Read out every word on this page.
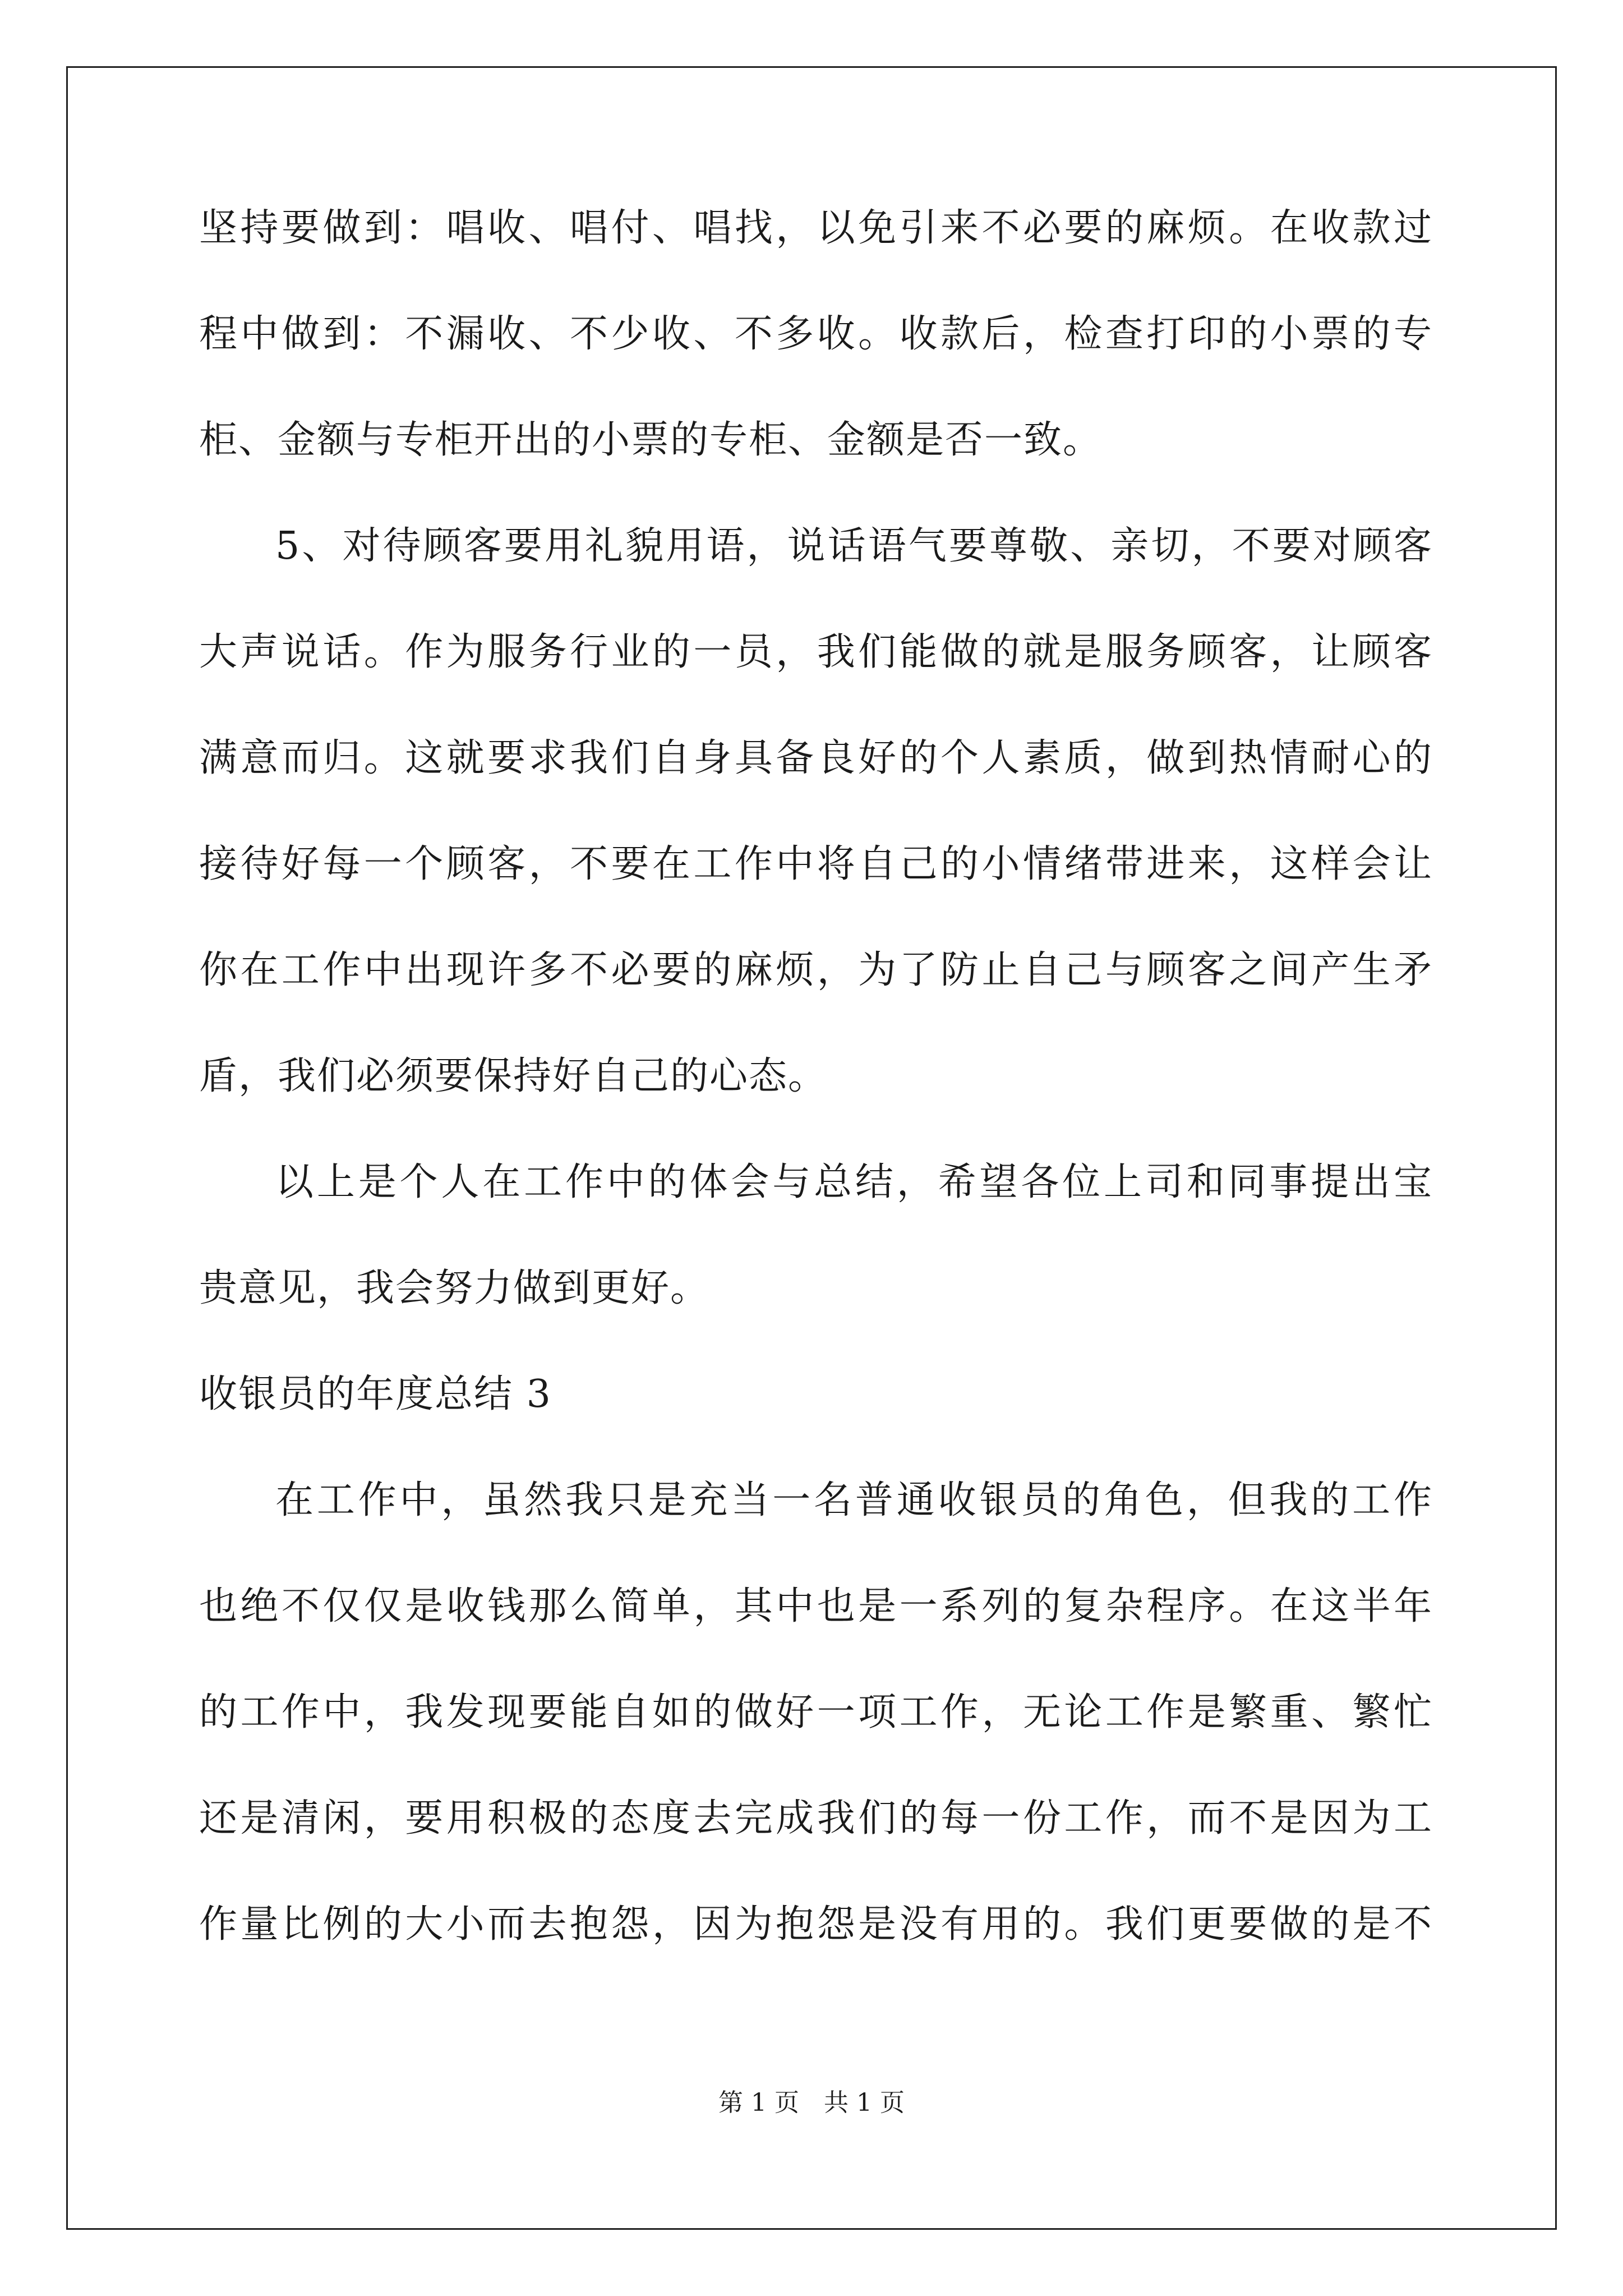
坚持要做到：唱收、唱付、唱找，以免引来不必要的麻烦。在收款过
程中做到：不漏收、不少收、不多收。收款后，检查打印的小票的专
柜、金额与专柜开出的小票的专柜、金额是否一致。
5、对待顾客要用礼貌用语，说话语气要尊敬、亲切，不要对顾客
大声说话。作为服务行业的一员，我们能做的就是服务顾客，让顾客
满意而归。这就要求我们自身具备良好的个人素质，做到热情耐心的
接待好每一个顾客，不要在工作中将自己的小情绪带进来，这样会让
你在工作中出现许多不必要的麻烦，为了防止自己与顾客之间产生矛
盾，我们必须要保持好自己的心态。
以上是个人在工作中的体会与总结，希望各位上司和同事提出宝
贵意见，我会努力做到更好。
收银员的年度总结 3
在工作中，虽然我只是充当一名普通收银员的角色，但我的工作
也绝不仅仅是收钱那么简单，其中也是一系列的复杂程序。在这半年
的工作中，我发现要能自如的做好一项工作，无论工作是繁重、繁忙
还是清闲，要用积极的态度去完成我们的每一份工作，而不是因为工
作量比例的大小而去抱怨，因为抱怨是没有用的。我们更要做的是不
第 1 页　共 1 页
